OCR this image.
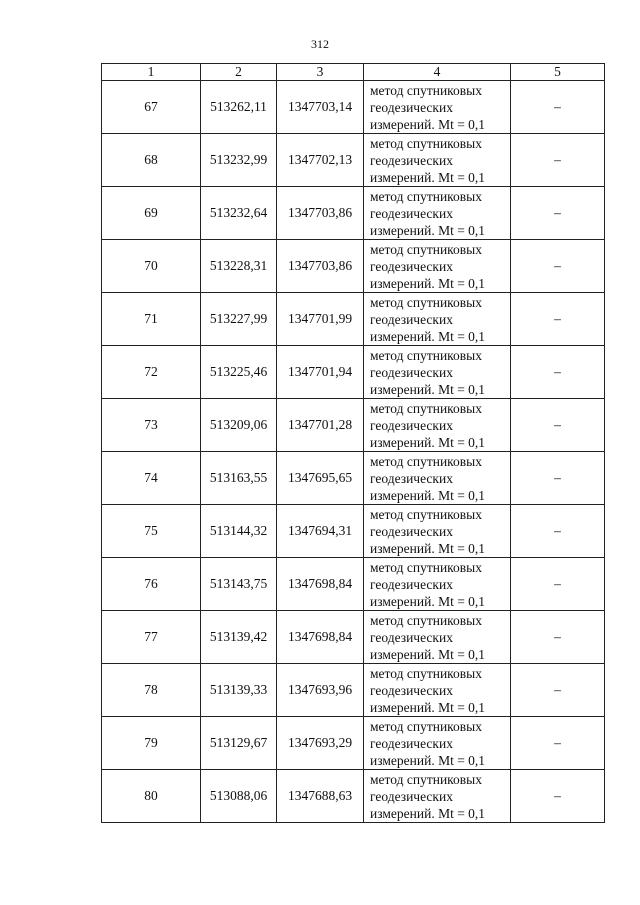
312
1	2	3	4	5
67	513262,11	1347703,14	метод спутниковых
геодезических
измерений. Mt = 0,1	–
68	513232,99	1347702,13	метод спутниковых
геодезических
измерений. Mt = 0,1	–
69	513232,64	1347703,86	метод спутниковых
геодезических
измерений. Mt = 0,1	–
70	513228,31	1347703,86	метод спутниковых
геодезических
измерений. Mt = 0,1	–
71	513227,99	1347701,99	метод спутниковых
геодезических
измерений. Mt = 0,1	–
72	513225,46	1347701,94	метод спутниковых
геодезических
измерений. Mt = 0,1	–
73	513209,06	1347701,28	метод спутниковых
геодезических
измерений. Mt = 0,1	–
74	513163,55	1347695,65	метод спутниковых
геодезических
измерений. Mt = 0,1	–
75	513144,32	1347694,31	метод спутниковых
геодезических
измерений. Mt = 0,1	–
76	513143,75	1347698,84	метод спутниковых
геодезических
измерений. Mt = 0,1	–
77	513139,42	1347698,84	метод спутниковых
геодезических
измерений. Mt = 0,1	–
78	513139,33	1347693,96	метод спутниковых
геодезических
измерений. Mt = 0,1	–
79	513129,67	1347693,29	метод спутниковых
геодезических
измерений. Mt = 0,1	–
80	513088,06	1347688,63	метод спутниковых
геодезических
измерений. Mt = 0,1	–
